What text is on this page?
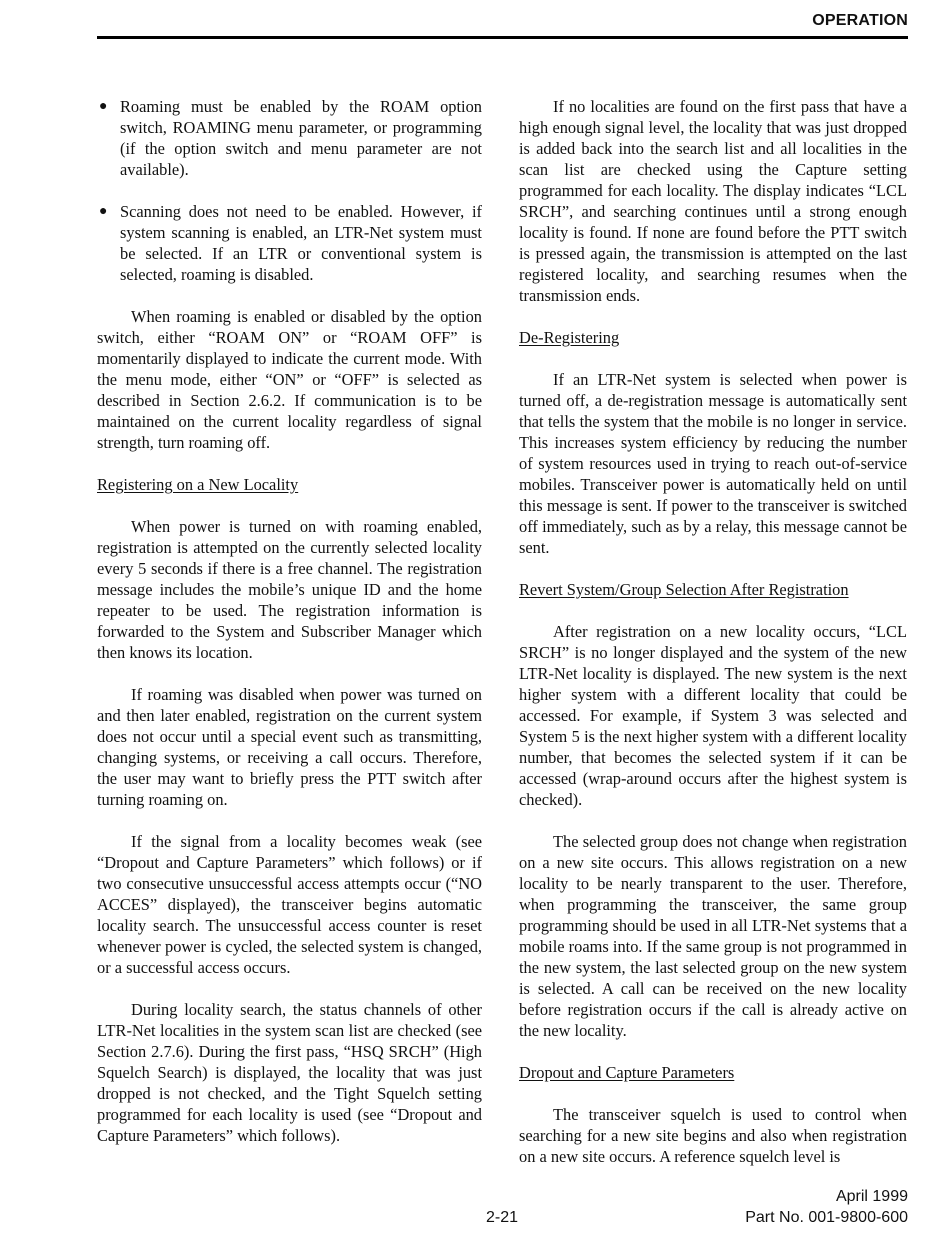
OPERATION
● Roaming must be enabled by the ROAM option switch, ROAMING menu parameter, or programming (if the option switch and menu parameter are not available).
● Scanning does not need to be enabled. However, if system scanning is enabled, an LTR-Net system must be selected. If an LTR or conventional system is selected, roaming is disabled.

When roaming is enabled or disabled by the option switch, either “ROAM ON” or “ROAM OFF” is momentarily displayed to indicate the current mode. With the menu mode, either “ON” or “OFF” is selected as described in Section 2.6.2. If communication is to be maintained on the current locality regardless of signal strength, turn roaming off.

Registering on a New Locality

When power is turned on with roaming enabled, registration is attempted on the currently selected locality every 5 seconds if there is a free channel. The registration message includes the mobile’s unique ID and the home repeater to be used. The registration information is forwarded to the System and Subscriber Manager which then knows its location.

If roaming was disabled when power was turned on and then later enabled, registration on the current system does not occur until a special event such as transmitting, changing systems, or receiving a call occurs. Therefore, the user may want to briefly press the PTT switch after turning roaming on.

If the signal from a locality becomes weak (see “Dropout and Capture Parameters” which follows) or if two consecutive unsuccessful access attempts occur (“NO ACCES” displayed), the transceiver begins automatic locality search. The unsuccessful access counter is reset whenever power is cycled, the selected system is changed, or a successful access occurs.

During locality search, the status channels of other LTR-Net localities in the system scan list are checked (see Section 2.7.6). During the first pass, “HSQ SRCH” (High Squelch Search) is displayed, the locality that was just dropped is not checked, and the Tight Squelch setting programmed for each locality is used (see “Dropout and Capture Parameters” which follows).

If no localities are found on the first pass that have a high enough signal level, the locality that was just dropped is added back into the search list and all localities in the scan list are checked using the Capture setting programmed for each locality. The display indicates “LCL SRCH”, and searching continues until a strong enough locality is found. If none are found before the PTT switch is pressed again, the transmission is attempted on the last registered locality, and searching resumes when the transmission ends.

De-Registering

If an LTR-Net system is selected when power is turned off, a de-registration message is automatically sent that tells the system that the mobile is no longer in service. This increases system efficiency by reducing the number of system resources used in trying to reach out-of-service mobiles. Transceiver power is automatically held on until this message is sent. If power to the transceiver is switched off immediately, such as by a relay, this message cannot be sent.

Revert System/Group Selection After Registration

After registration on a new locality occurs, “LCL SRCH” is no longer displayed and the system of the new LTR-Net locality is displayed. The new system is the next higher system with a different locality that could be accessed. For example, if System 3 was selected and System 5 is the next higher system with a different locality number, that becomes the selected system if it can be accessed (wrap-around occurs after the highest system is checked).

The selected group does not change when registration on a new site occurs. This allows registration on a new locality to be nearly transparent to the user. Therefore, when programming the transceiver, the same group programming should be used in all LTR-Net systems that a mobile roams into. If the same group is not programmed in the new system, the last selected group on the new system is selected. A call can be received on the new locality before registration occurs if the call is already active on the new locality.

Dropout and Capture Parameters

The transceiver squelch is used to control when searching for a new site begins and also when registration on a new site occurs. A reference squelch level is

April 1999
2-21	Part No. 001-9800-600
